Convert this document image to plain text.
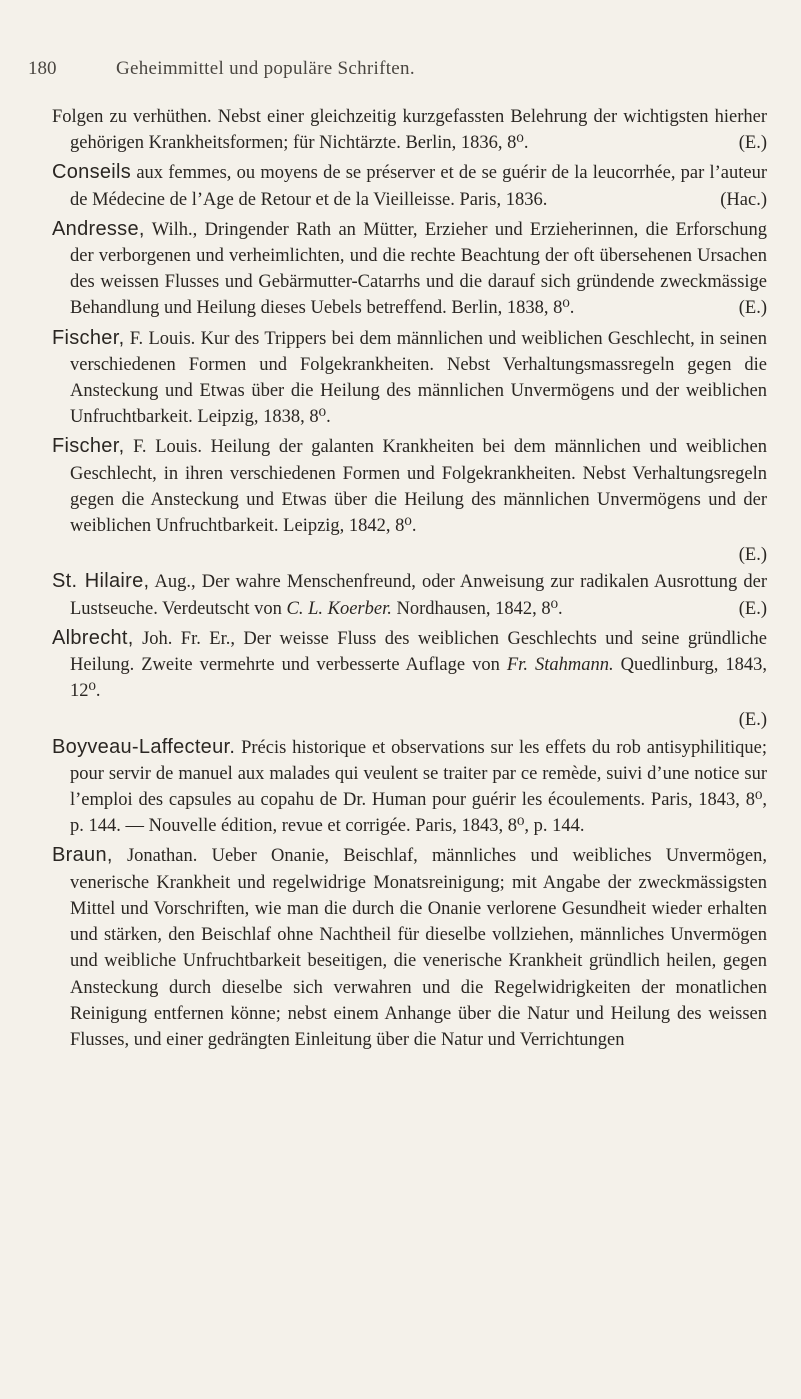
180	Geheimmittel und populäre Schriften.

Folgen zu verhüthen. Nebst einer gleichzeitig kurzgefassten Belehrung der wichtigsten hierher gehörigen Krankheitsformen; für Nichtärzte. Berlin, 1836, 8⁰.	(E.)

Conseils aux femmes, ou moyens de se préserver et de se guérir de la leucorrhée, par l’auteur de Médecine de l’Age de Retour et de la Vieilleisse. Paris, 1836.	(Hac.)

Andresse, Wilh., Dringender Rath an Mütter, Erzieher und Erzieherinnen, die Erforschung der verborgenen und verheimlichten, und die rechte Beachtung der oft übersehenen Ursachen des weissen Flusses und Gebärmutter-Catarrhs und die darauf sich gründende zweckmässige Behandlung und Heilung dieses Uebels betreffend. Berlin, 1838, 8⁰.	(E.)

Fischer, F. Louis. Kur des Trippers bei dem männlichen und weiblichen Geschlecht, in seinen verschiedenen Formen und Folgekrankheiten. Nebst Verhaltungsmassregeln gegen die Ansteckung und Etwas über die Heilung des männlichen Unvermögens und der weiblichen Unfruchtbarkeit. Leipzig, 1838, 8⁰.

Fischer, F. Louis. Heilung der galanten Krankheiten bei dem männlichen und weiblichen Geschlecht, in ihren verschiedenen Formen und Folgekrankheiten. Nebst Verhaltungsregeln gegen die Ansteckung und Etwas über die Heilung des männlichen Unvermögens und der weiblichen Unfruchtbarkeit. Leipzig, 1842, 8⁰.

(E.)

St. Hilaire, Aug., Der wahre Menschenfreund, oder Anweisung zur radikalen Ausrottung der Lustseuche. Verdeutscht von C. L. Koerber. Nordhausen, 1842, 8⁰.	(E.)

Albrecht, Joh. Fr. Er., Der weisse Fluss des weiblichen Geschlechts und seine gründliche Heilung. Zweite vermehrte und verbesserte Auflage von Fr. Stahmann. Quedlinburg, 1843, 12⁰.

(E.)

Boyveau-Laffecteur. Précis historique et observations sur les effets du rob antisyphilitique; pour servir de manuel aux malades qui veulent se traiter par ce remède, suivi d’une notice sur l’emploi des capsules au copahu de Dr. Human pour guérir les écoulements. Paris, 1843, 8⁰, p. 144. — Nouvelle édition, revue et corrigée. Paris, 1843, 8⁰, p. 144.

Braun, Jonathan. Ueber Onanie, Beischlaf, männliches und weibliches Unvermögen, venerische Krankheit und regelwidrige Monatsreinigung; mit Angabe der zweckmässigsten Mittel und Vorschriften, wie man die durch die Onanie verlorene Gesundheit wieder erhalten und stärken, den Beischlaf ohne Nachtheil für dieselbe vollziehen, männliches Unvermögen und weibliche Unfruchtbarkeit beseitigen, die venerische Krankheit gründlich heilen, gegen Ansteckung durch dieselbe sich verwahren und die Regelwidrigkeiten der monatlichen Reinigung entfernen könne; nebst einem Anhange über die Natur und Heilung des weissen Flusses, und einer gedrängten Einleitung über die Natur und Verrichtungen
